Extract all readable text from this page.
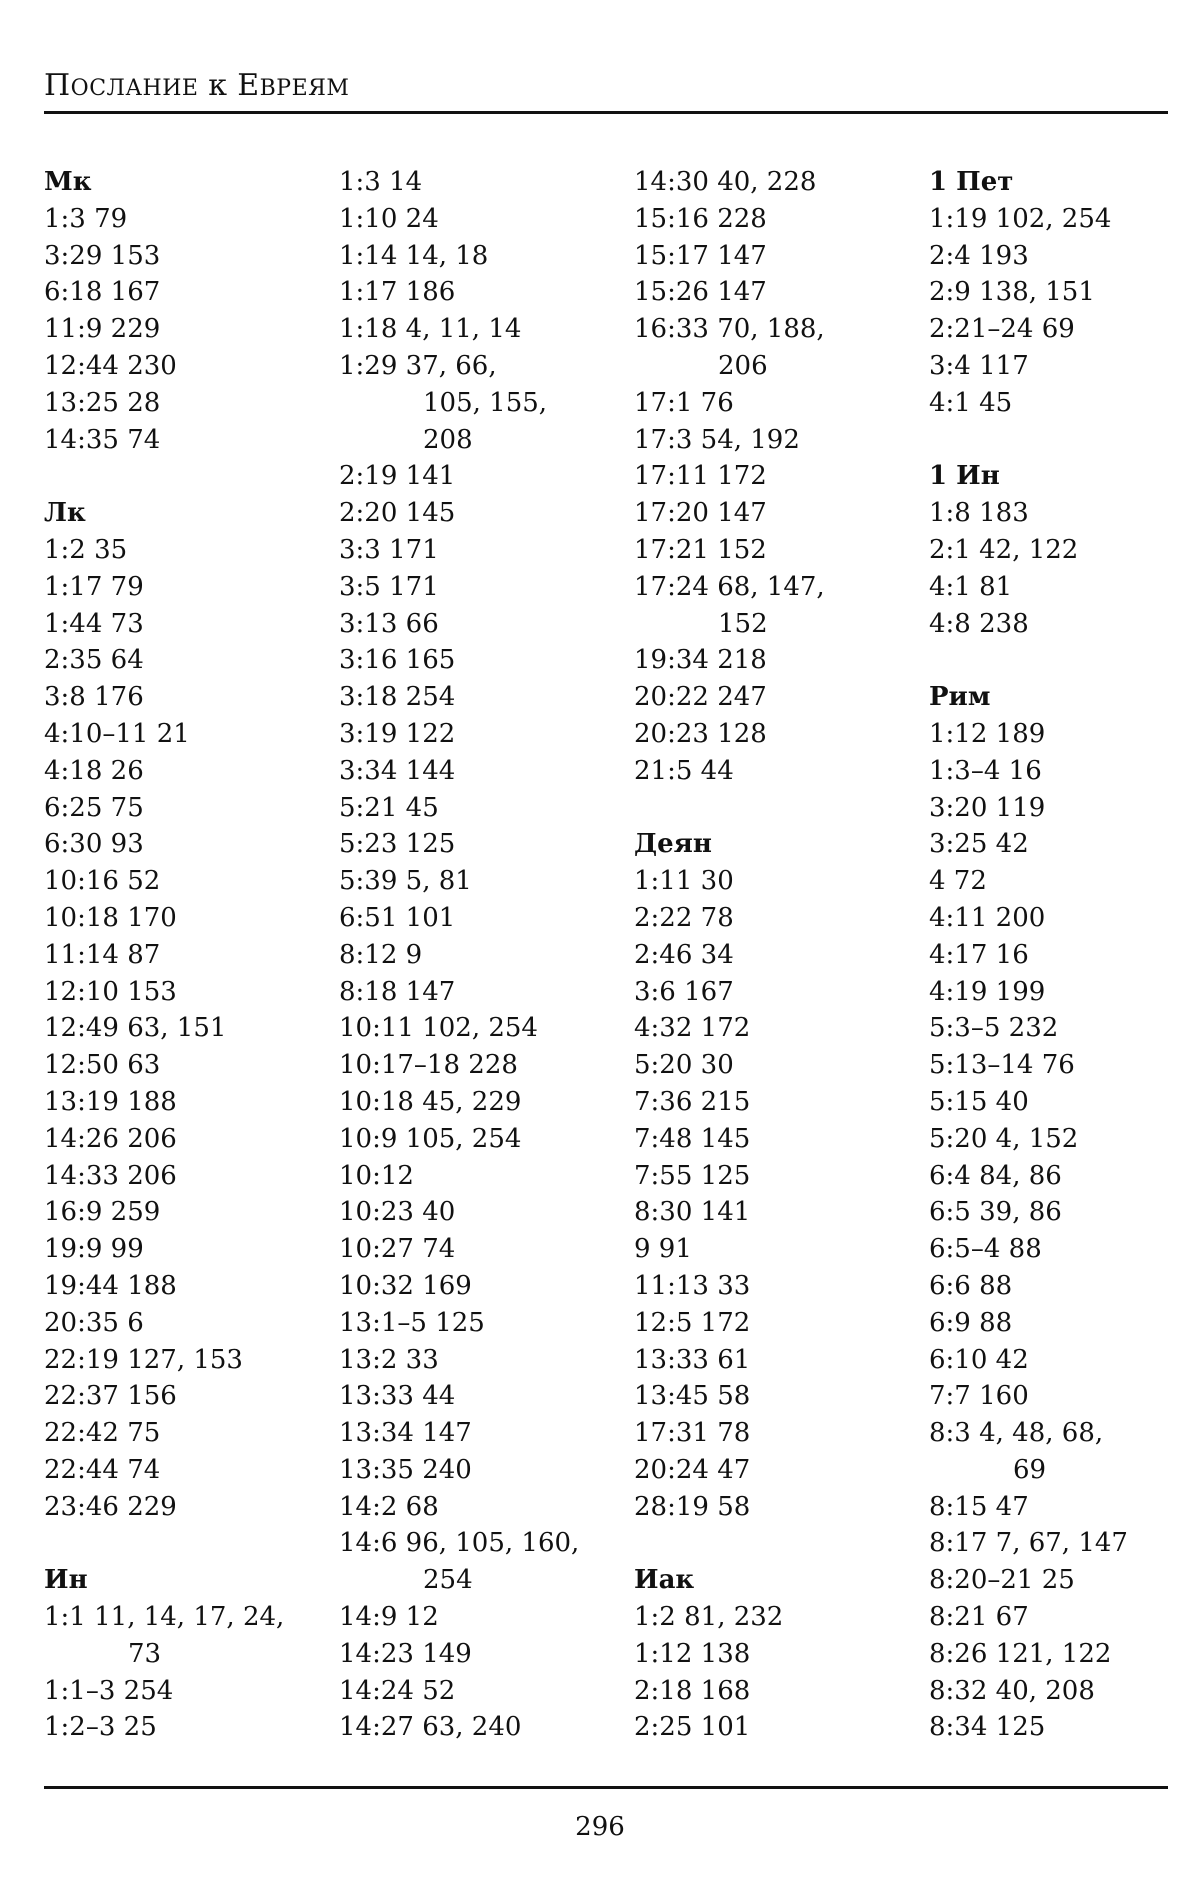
ПОСЛАНИЕ к ЕВРЕЯМ
Мк
1:3 79
3:29 153
6:18 167
11:9 229
12:44 230
13:25 28
14:35 74
Лк
1:2 35
1:17 79
1:44 73
2:35 64
3:8 176
4:10–11 21
4:18 26
6:25 75
6:30 93
10:16 52
10:18 170
11:14 87
12:10 153
12:49 63, 151
12:50 63
13:19 188
14:26 206
14:33 206
16:9 259
19:9 99
19:44 188
20:35 6
22:19 127, 153
22:37 156
22:42 75
22:44 74
23:46 229
Ин
1:1 11, 14, 17, 24,
73
1:1–3 254
1:2–3 25
1:3 14
1:10 24
1:14 14, 18
1:17 186
1:18 4, 11, 14
1:29 37, 66,
105, 155,
208
2:19 141
2:20 145
3:3 171
3:5 171
3:13 66
3:16 165
3:18 254
3:19 122
3:34 144
5:21 45
5:23 125
5:39 5, 81
6:51 101
8:12 9
8:18 147
10:11 102, 254
10:17–18 228
10:18 45, 229
10:9 105, 254
10:12
10:23 40
10:27 74
10:32 169
13:1–5 125
13:2 33
13:33 44
13:34 147
13:35 240
14:2 68
14:6 96, 105, 160,
254
14:9 12
14:23 149
14:24 52
14:27 63, 240
14:30 40, 228
15:16 228
15:17 147
15:26 147
16:33 70, 188,
206
17:1 76
17:3 54, 192
17:11 172
17:20 147
17:21 152
17:24 68, 147,
152
19:34 218
20:22 247
20:23 128
21:5 44
Деян
1:11 30
2:22 78
2:46 34
3:6 167
4:32 172
5:20 30
7:36 215
7:48 145
7:55 125
8:30 141
9 91
11:13 33
12:5 172
13:33 61
13:45 58
17:31 78
20:24 47
28:19 58
Иак
1:2 81, 232
1:12 138
2:18 168
2:25 101
1 Пет
1:19 102, 254
2:4 193
2:9 138, 151
2:21–24 69
3:4 117
4:1 45
1 Ин
1:8 183
2:1 42, 122
4:1 81
4:8 238
Рим
1:12 189
1:3–4 16
3:20 119
3:25 42
4 72
4:11 200
4:17 16
4:19 199
5:3–5 232
5:13–14 76
5:15 40
5:20 4, 152
6:4 84, 86
6:5 39, 86
6:5–4 88
6:6 88
6:9 88
6:10 42
7:7 160
8:3 4, 48, 68,
69
8:15 47
8:17 7, 67, 147
8:20–21 25
8:21 67
8:26 121, 122
8:32 40, 208
8:34 125
296
